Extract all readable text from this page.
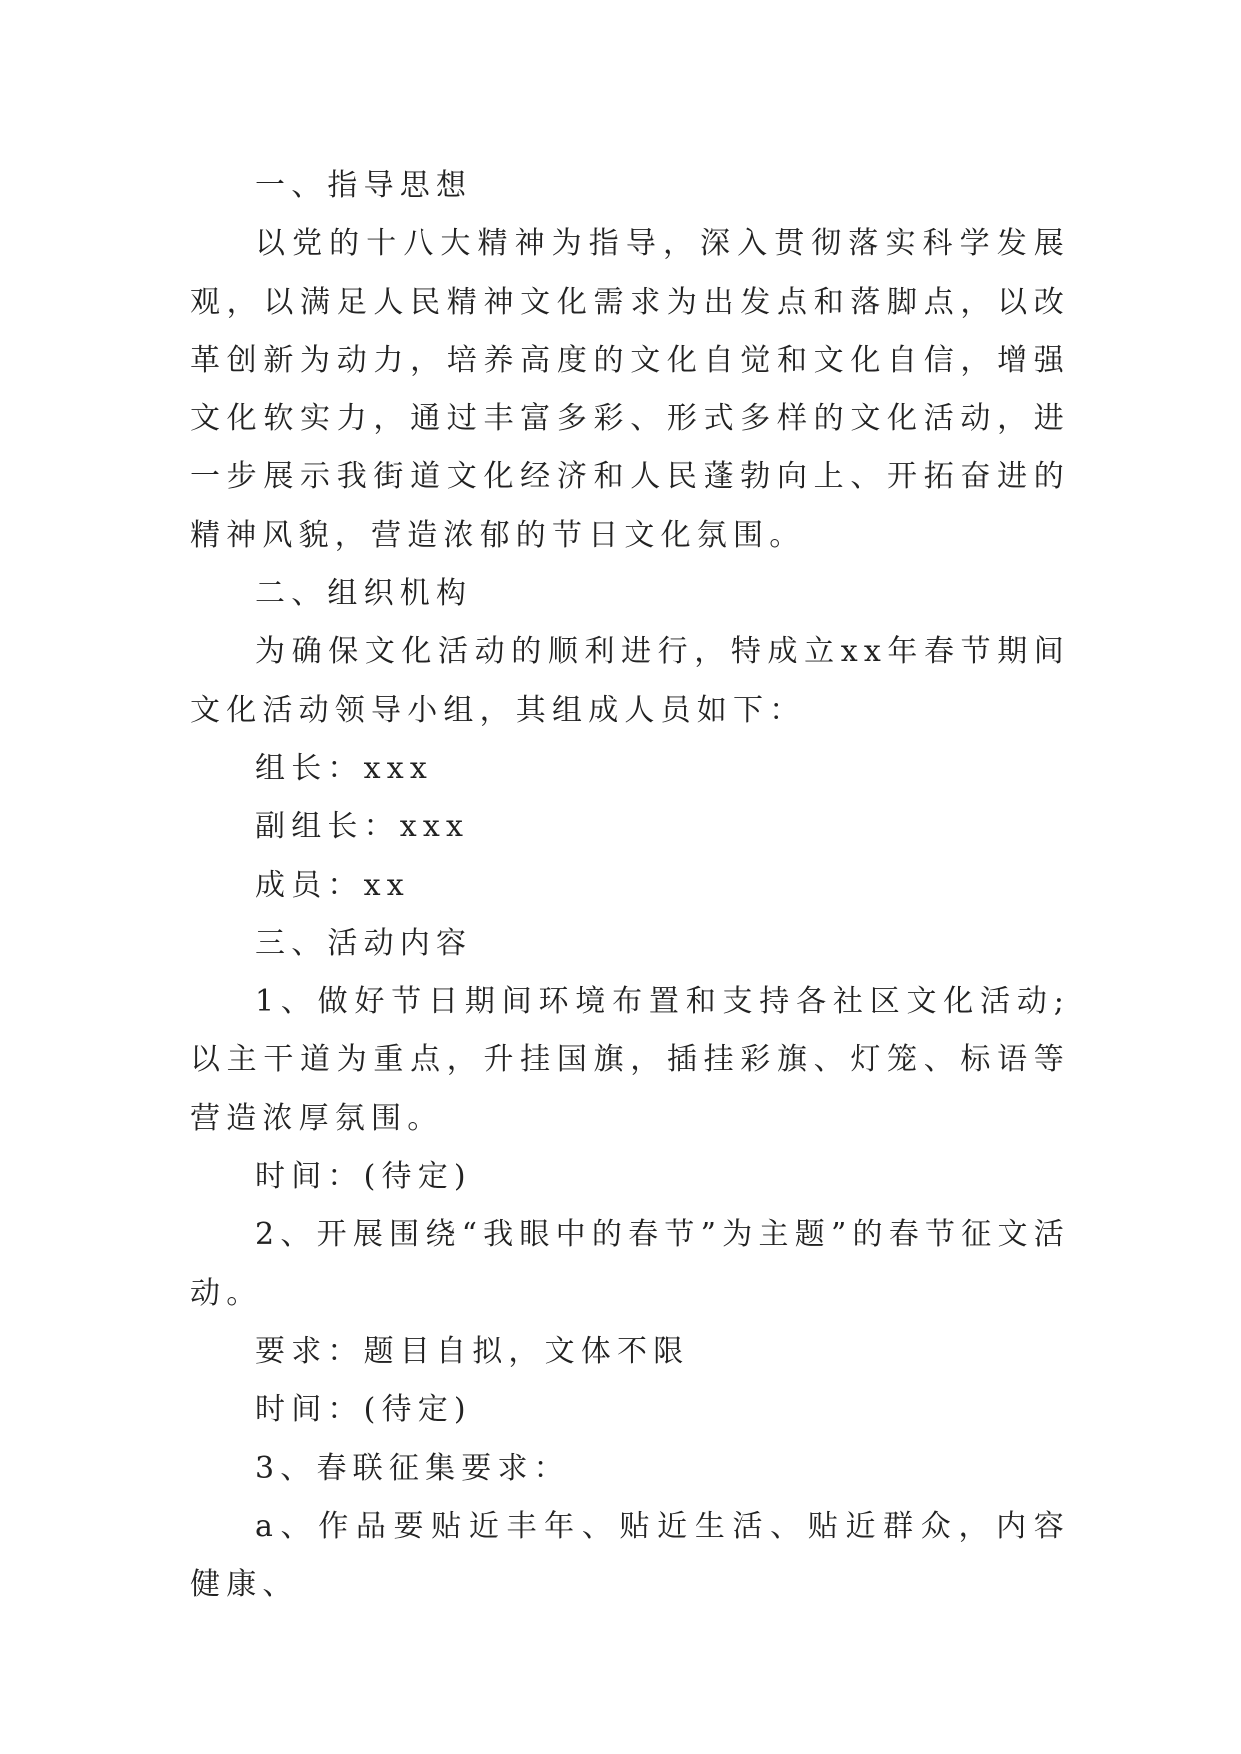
一、指导思想

以党的十八大精神为指导，深入贯彻落实科学发展观，以满足人民精神文化需求为出发点和落脚点，以改革创新为动力，培养高度的文化自觉和文化自信，增强文化软实力，通过丰富多彩、形式多样的文化活动，进一步展示我街道文化经济和人民蓬勃向上、开拓奋进的精神风貌，营造浓郁的节日文化氛围。

二、组织机构

为确保文化活动的顺利进行，特成立xx年春节期间文化活动领导小组，其组成人员如下：

组长：xxx

副组长：xxx

成员：xx

三、活动内容

1、做好节日期间环境布置和支持各社区文化活动;以主干道为重点，升挂国旗，插挂彩旗、灯笼、标语等营造浓厚氛围。

时间：(待定)

2、开展围绕“我眼中的春节”为主题”的春节征文活动。

要求：题目自拟，文体不限

时间：(待定)

3、春联征集要求：

a、作品要贴近丰年、贴近生活、贴近群众，内容健康、
